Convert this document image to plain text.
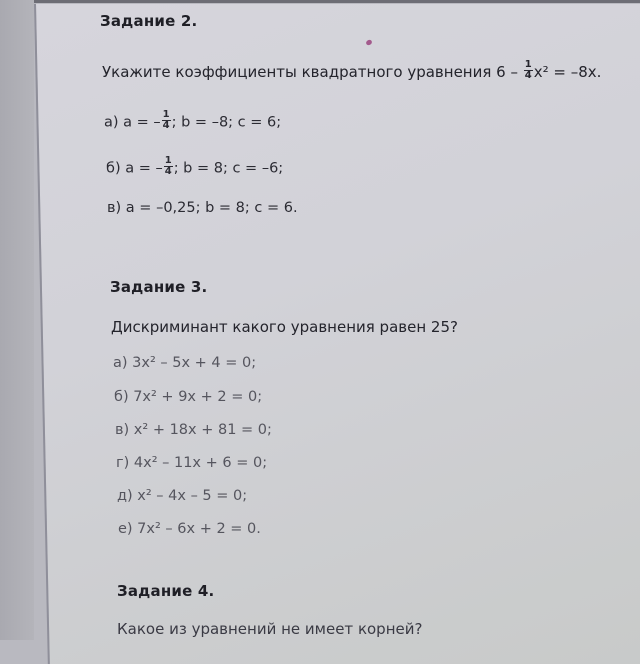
Задание 2.
Укажите коэффициенты квадратного уравнения $6 - \frac{1}{4} x^2 = -8x$.
а) a = – $\frac{1}{4}$ ; b = –8; c = 6;
б) a = – $\frac{1}{4}$ ; b = 8; c = –6;
в) a = –0,25; b = 8; c = 6.
Задание 3.
Дискриминант какого уравнения равен 25?
а) 3x² – 5x + 4 = 0;
б) 7x² + 9x + 2 = 0;
в) x² + 18x + 81 = 0;
г) 4x² – 11x + 6 = 0;
д) x² – 4x – 5 = 0;
е) 7x² – 6x + 2 = 0.
Задание 4.
Какое из уравнений не имеет корней?
